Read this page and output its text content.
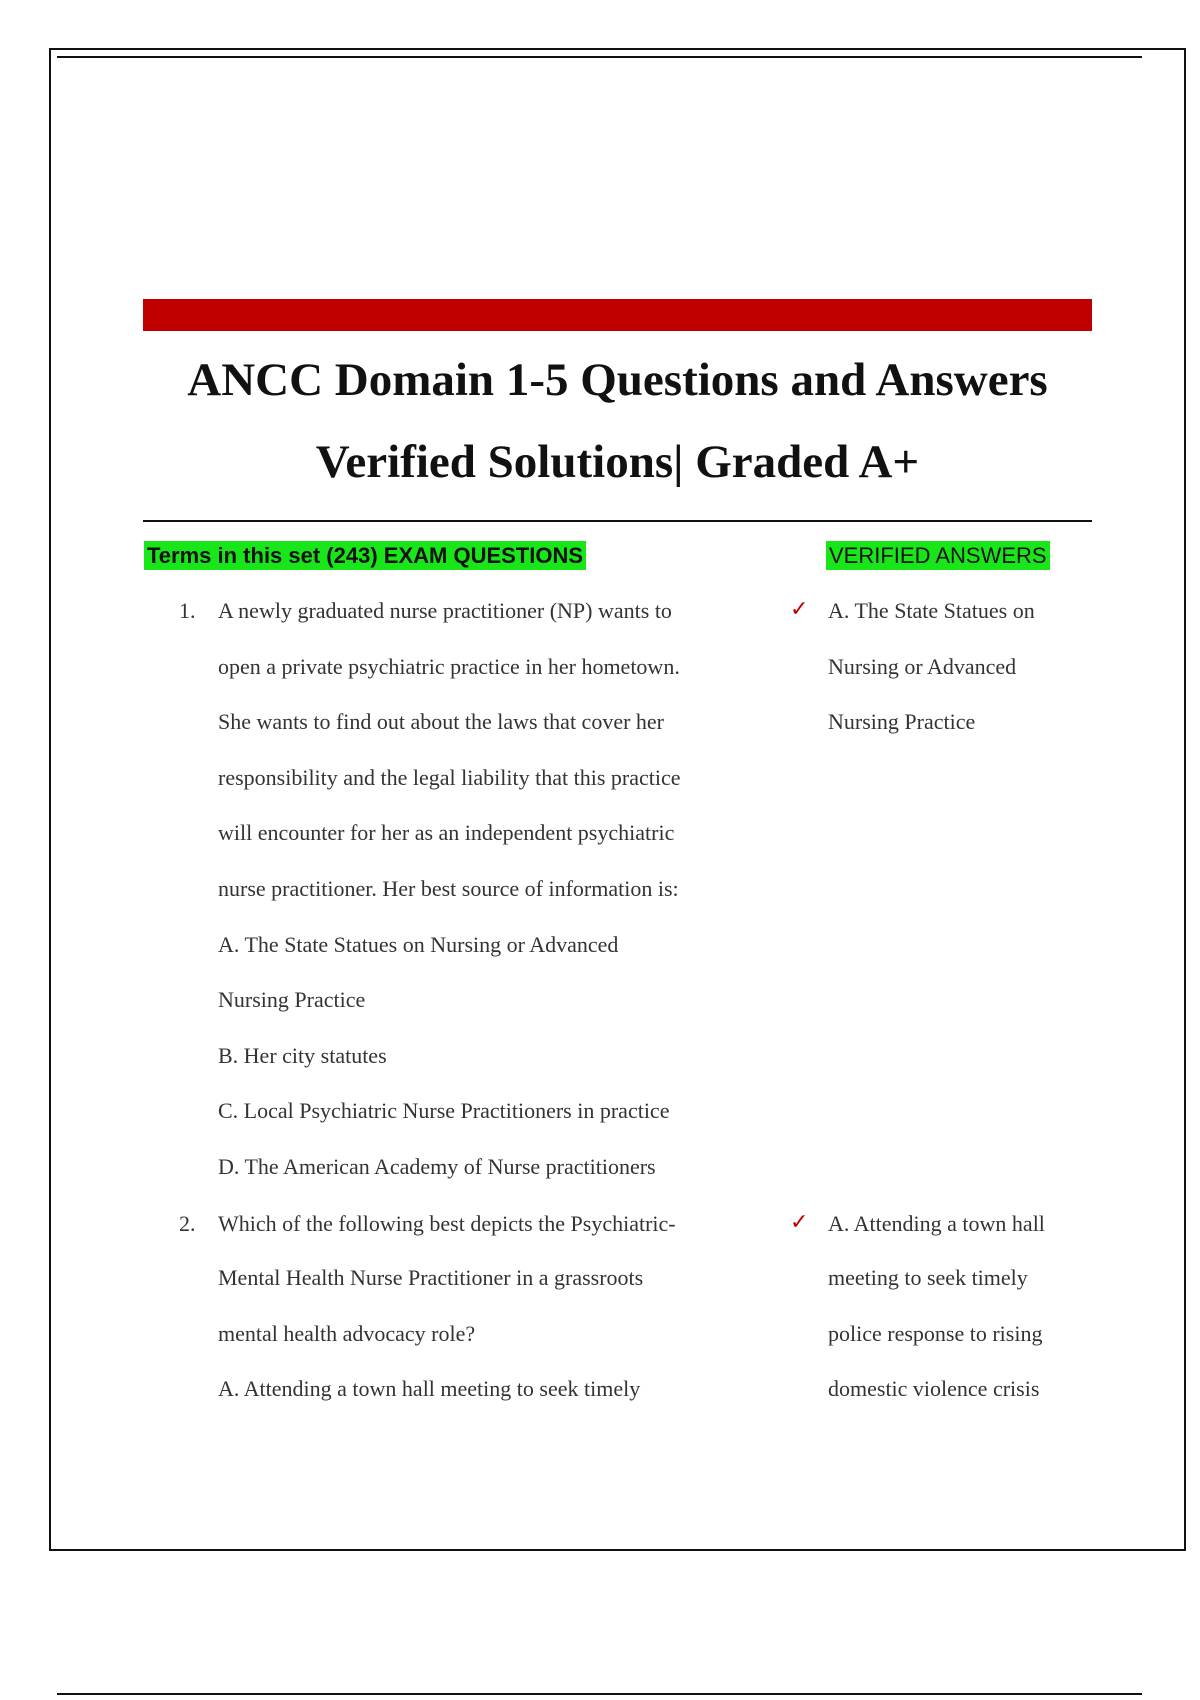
ANCC Domain 1-5 Questions and Answers
Verified Solutions| Graded A+
Terms in this set (243) EXAM QUESTIONS	VERIFIED ANSWERS
1. A newly graduated nurse practitioner (NP) wants to
open a private psychiatric practice in her hometown.
She wants to find out about the laws that cover her
responsibility and the legal liability that this practice
will encounter for her as an independent psychiatric
nurse practitioner. Her best source of information is:
A. The State Statues on Nursing or Advanced
Nursing Practice
B. Her city statutes
C. Local Psychiatric Nurse Practitioners in practice
D. The American Academy of Nurse practitioners
✓ A. The State Statues on
Nursing or Advanced
Nursing Practice
2. Which of the following best depicts the Psychiatric-
Mental Health Nurse Practitioner in a grassroots
mental health advocacy role?
A. Attending a town hall meeting to seek timely
✓ A. Attending a town hall
meeting to seek timely
police response to rising
domestic violence crisis
